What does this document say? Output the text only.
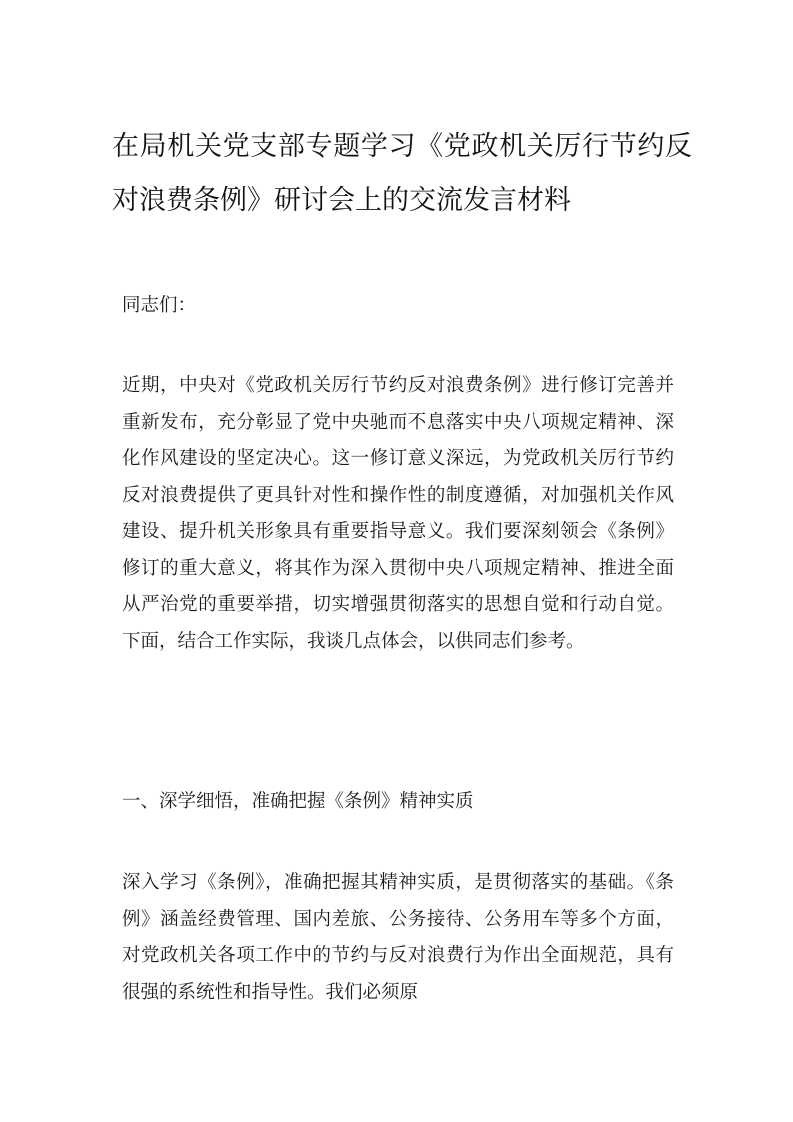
在局机关党支部专题学习《党政机关厉行节约反对浪费条例》研讨会上的交流发言材料

同志们：

近期，中央对《党政机关厉行节约反对浪费条例》进行修订完善并重新发布，充分彰显了党中央驰而不息落实中央八项规定精神、深化作风建设的坚定决心。这一修订意义深远，为党政机关厉行节约反对浪费提供了更具针对性和操作性的制度遵循，对加强机关作风建设、提升机关形象具有重要指导意义。我们要深刻领会《条例》修订的重大意义，将其作为深入贯彻中央八项规定精神、推进全面从严治党的重要举措，切实增强贯彻落实的思想自觉和行动自觉。下面，结合工作实际，我谈几点体会，以供同志们参考。

一、深学细悟，准确把握《条例》精神实质

深入学习《条例》，准确把握其精神实质，是贯彻落实的基础。《条例》涵盖经费管理、国内差旅、公务接待、公务用车等多个方面，对党政机关各项工作中的节约与反对浪费行为作出全面规范，具有很强的系统性和指导性。我们必须原
